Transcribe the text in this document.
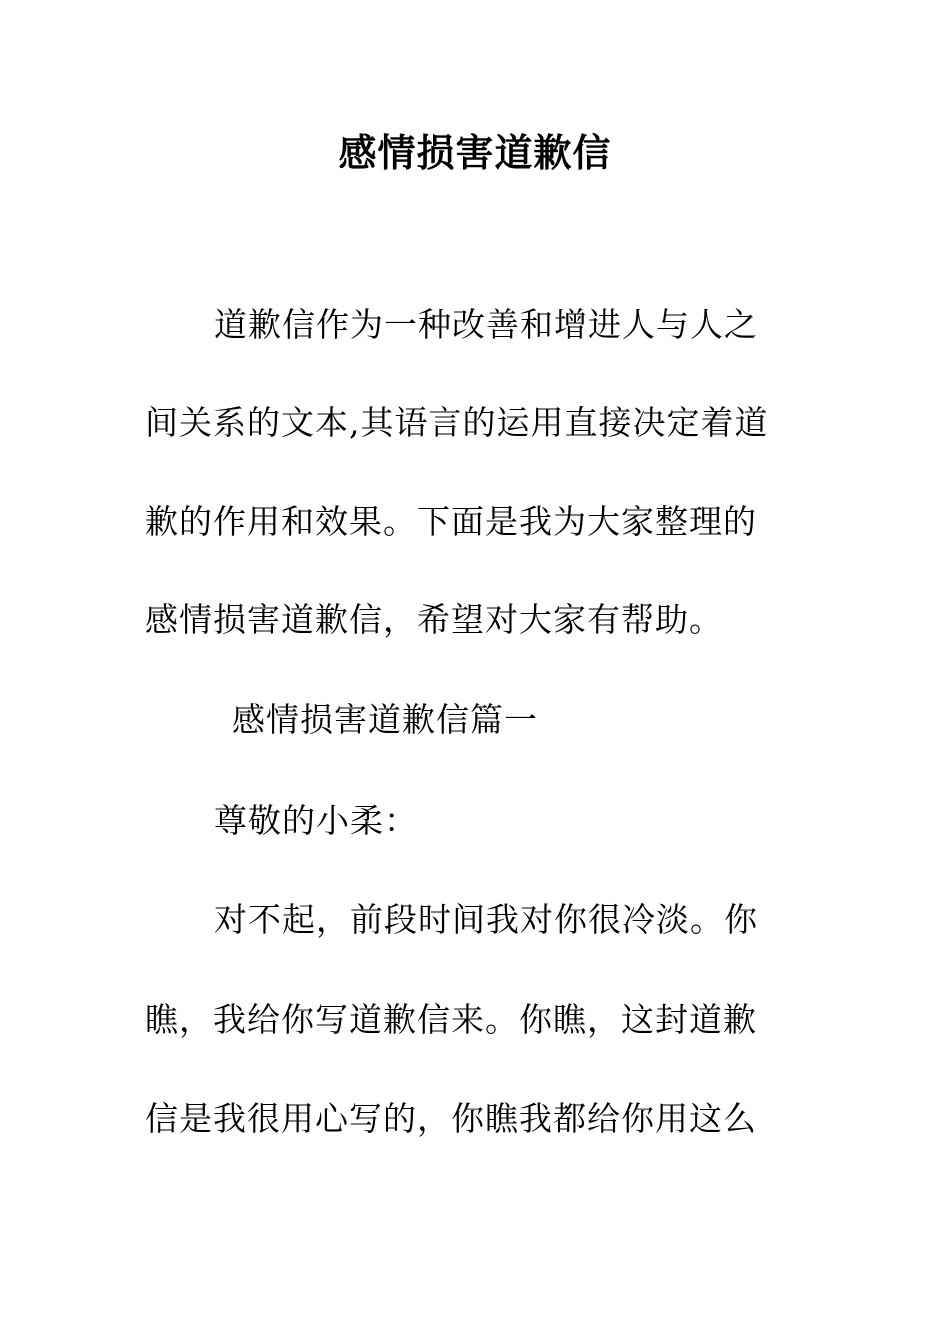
感情损害道歉信
道歉信作为一种改善和增进人与人之
间关系的文本,其语言的运用直接决定着道
歉的作用和效果。下面是我为大家整理的
感情损害道歉信，希望对大家有帮助。
感情损害道歉信篇一
尊敬的小柔：
对不起，前段时间我对你很冷淡。你
瞧，我给你写道歉信来。你瞧，这封道歉
信是我很用心写的，你瞧我都给你用这么
